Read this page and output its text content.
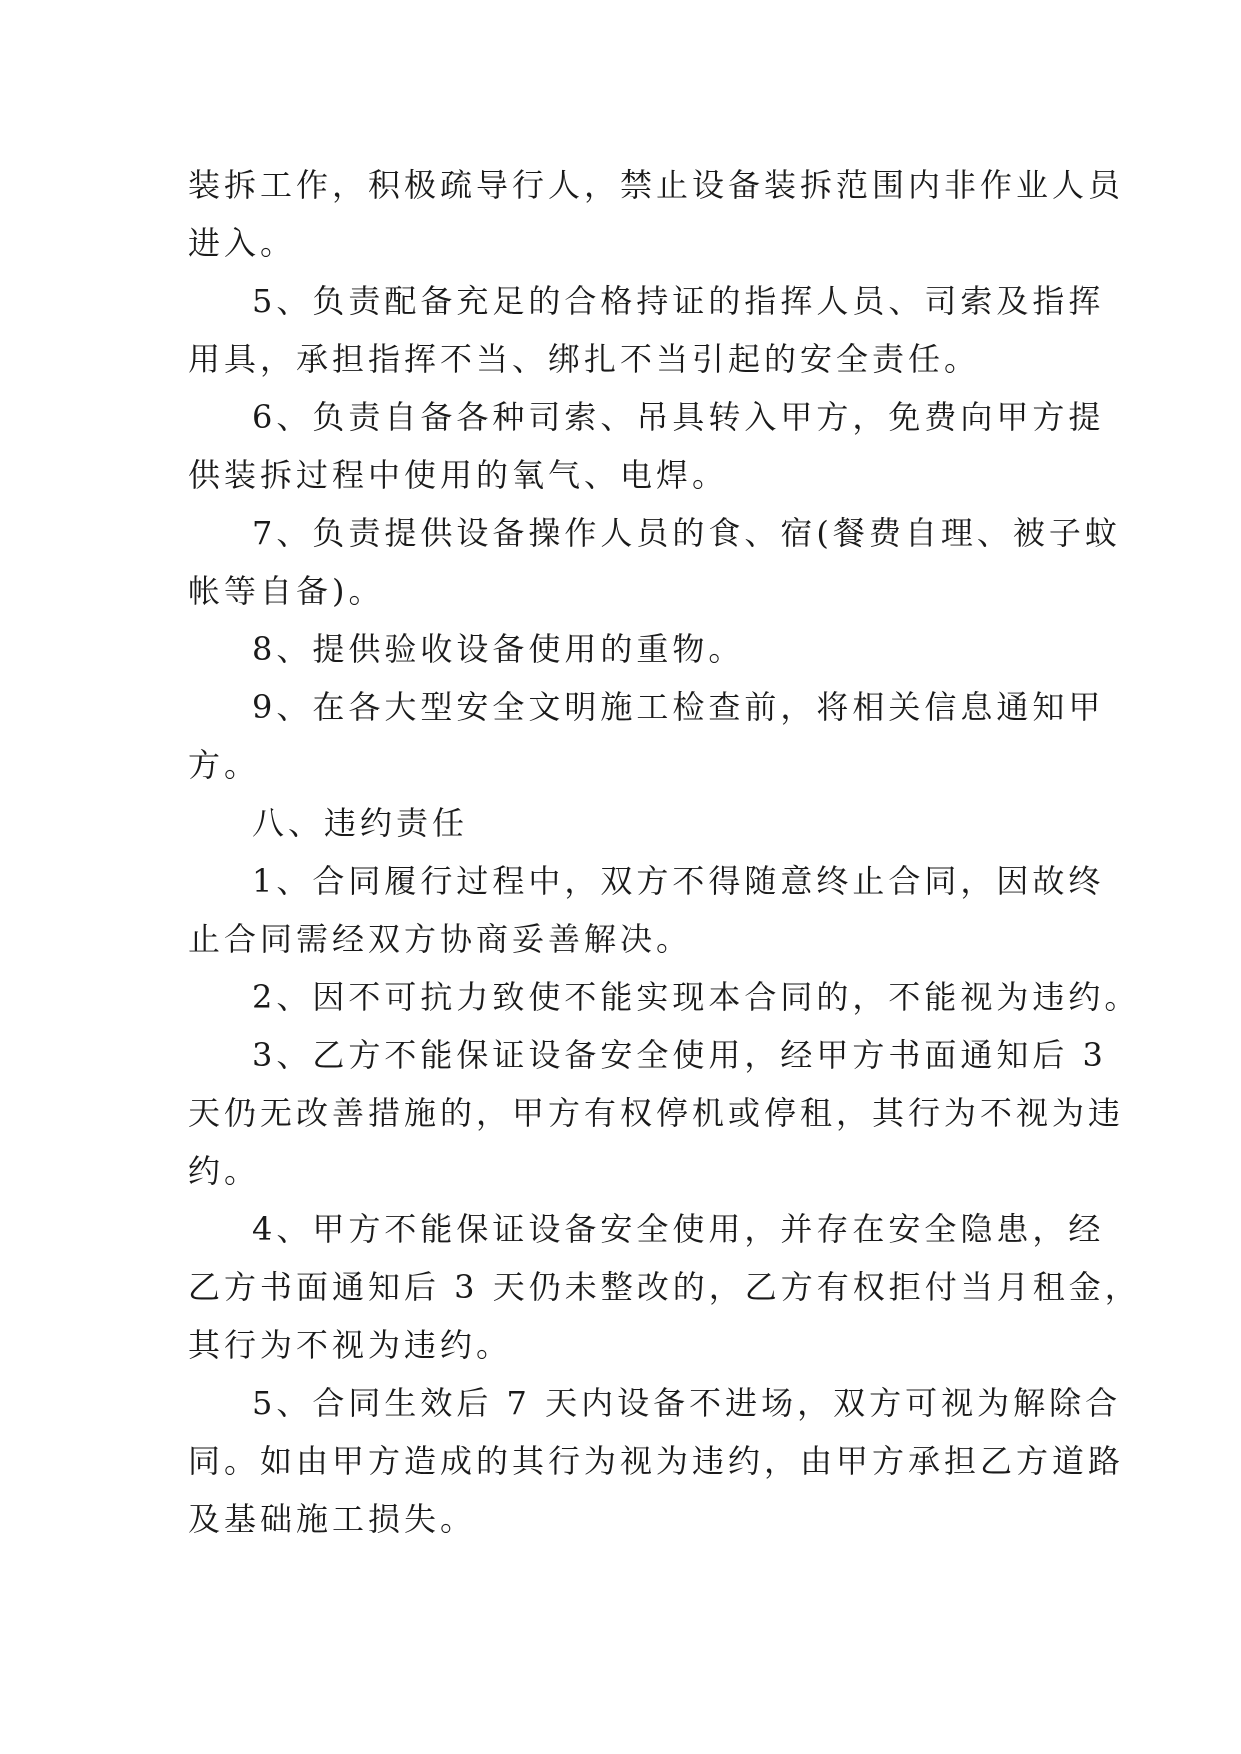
装拆工作，积极疏导行人，禁止设备装拆范围内非作业人员
进入。

5、负责配备充足的合格持证的指挥人员、司索及指挥
用具，承担指挥不当、绑扎不当引起的安全责任。

6、负责自备各种司索、吊具转入甲方，免费向甲方提
供装拆过程中使用的氧气、电焊。

7、负责提供设备操作人员的食、宿(餐费自理、被子蚊
帐等自备)。

8、提供验收设备使用的重物。

9、在各大型安全文明施工检查前，将相关信息通知甲
方。

八、违约责任

1、合同履行过程中，双方不得随意终止合同，因故终
止合同需经双方协商妥善解决。

2、因不可抗力致使不能实现本合同的，不能视为违约。

3、乙方不能保证设备安全使用，经甲方书面通知后 3
天仍无改善措施的，甲方有权停机或停租，其行为不视为违
约。

4、甲方不能保证设备安全使用，并存在安全隐患，经
乙方书面通知后 3 天仍未整改的，乙方有权拒付当月租金，
其行为不视为违约。

5、合同生效后 7 天内设备不进场，双方可视为解除合
同。如由甲方造成的其行为视为违约，由甲方承担乙方道路
及基础施工损失。
